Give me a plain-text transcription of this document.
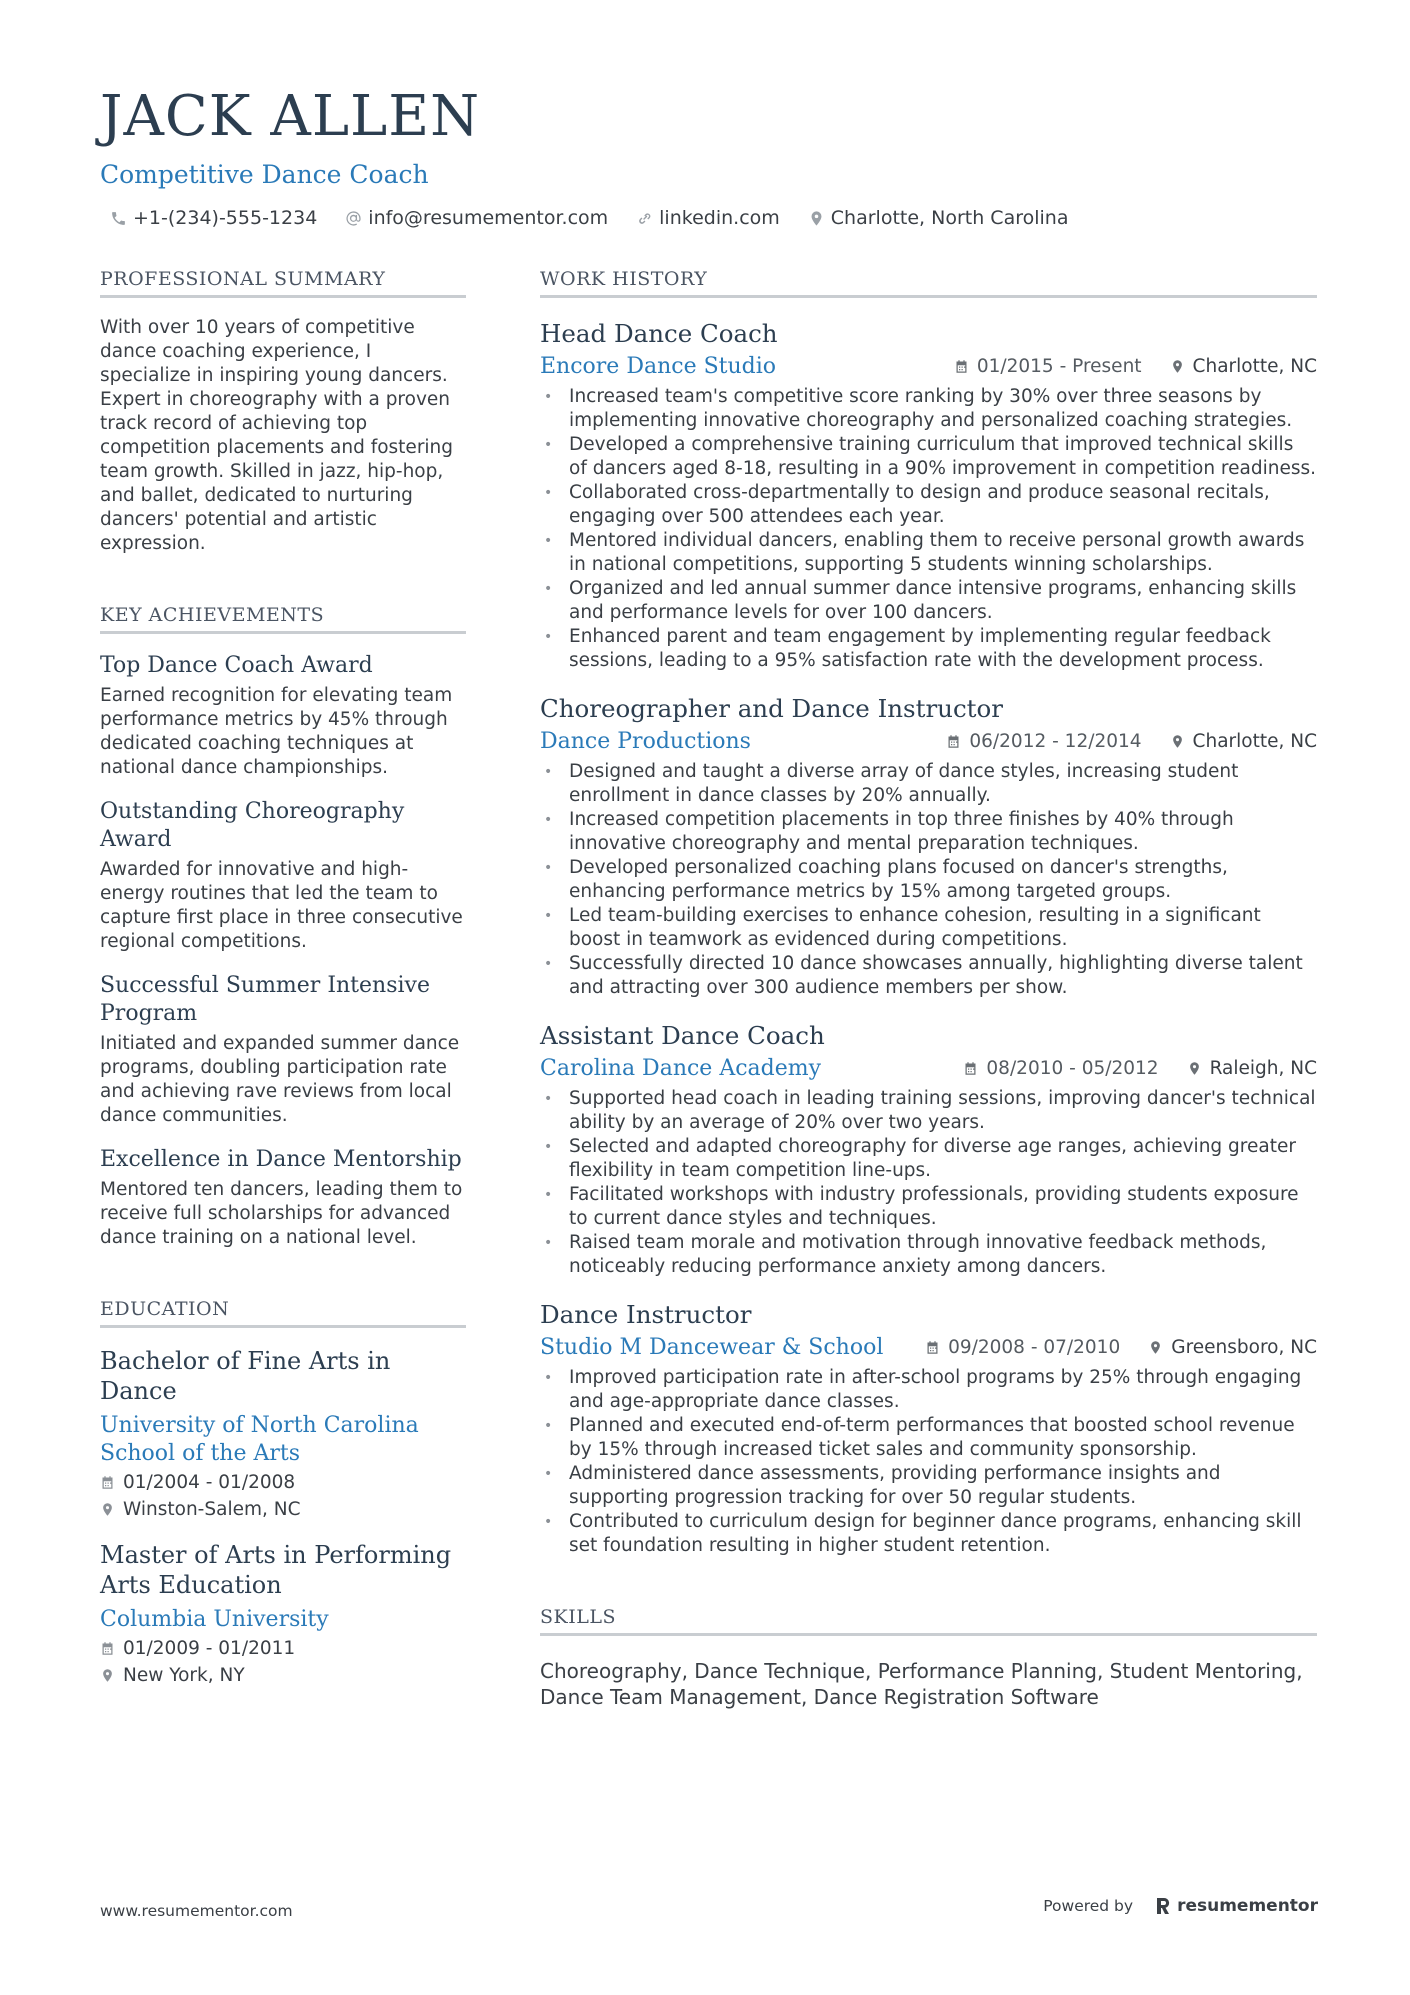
JACK ALLEN
Competitive Dance Coach
+1-(234)-555-1234	info@resumementor.com	linkedin.com	Charlotte, North Carolina
PROFESSIONAL SUMMARY
With over 10 years of competitive dance coaching experience, I specialize in inspiring young dancers. Expert in choreography with a proven track record of achieving top competition placements and fostering team growth. Skilled in jazz, hip-hop, and ballet, dedicated to nurturing dancers' potential and artistic expression.
KEY ACHIEVEMENTS
Top Dance Coach Award
Earned recognition for elevating team performance metrics by 45% through dedicated coaching techniques at national dance championships.
Outstanding Choreography Award
Awarded for innovative and high-energy routines that led the team to capture first place in three consecutive regional competitions.
Successful Summer Intensive Program
Initiated and expanded summer dance programs, doubling participation rate and achieving rave reviews from local dance communities.
Excellence in Dance Mentorship
Mentored ten dancers, leading them to receive full scholarships for advanced dance training on a national level.
EDUCATION
Bachelor of Fine Arts in Dance
University of North Carolina School of the Arts
01/2004 - 01/2008
Winston-Salem, NC
Master of Arts in Performing Arts Education
Columbia University
01/2009 - 01/2011
New York, NY
WORK HISTORY
Head Dance Coach
Encore Dance Studio	01/2015 - Present	Charlotte, NC
• Increased team's competitive score ranking by 30% over three seasons by implementing innovative choreography and personalized coaching strategies.
• Developed a comprehensive training curriculum that improved technical skills of dancers aged 8-18, resulting in a 90% improvement in competition readiness.
• Collaborated cross-departmentally to design and produce seasonal recitals, engaging over 500 attendees each year.
• Mentored individual dancers, enabling them to receive personal growth awards in national competitions, supporting 5 students winning scholarships.
• Organized and led annual summer dance intensive programs, enhancing skills and performance levels for over 100 dancers.
• Enhanced parent and team engagement by implementing regular feedback sessions, leading to a 95% satisfaction rate with the development process.
Choreographer and Dance Instructor
Dance Productions	06/2012 - 12/2014	Charlotte, NC
• Designed and taught a diverse array of dance styles, increasing student enrollment in dance classes by 20% annually.
• Increased competition placements in top three finishes by 40% through innovative choreography and mental preparation techniques.
• Developed personalized coaching plans focused on dancer's strengths, enhancing performance metrics by 15% among targeted groups.
• Led team-building exercises to enhance cohesion, resulting in a significant boost in teamwork as evidenced during competitions.
• Successfully directed 10 dance showcases annually, highlighting diverse talent and attracting over 300 audience members per show.
Assistant Dance Coach
Carolina Dance Academy	08/2010 - 05/2012	Raleigh, NC
• Supported head coach in leading training sessions, improving dancer's technical ability by an average of 20% over two years.
• Selected and adapted choreography for diverse age ranges, achieving greater flexibility in team competition line-ups.
• Facilitated workshops with industry professionals, providing students exposure to current dance styles and techniques.
• Raised team morale and motivation through innovative feedback methods, noticeably reducing performance anxiety among dancers.
Dance Instructor
Studio M Dancewear & School	09/2008 - 07/2010	Greensboro, NC
• Improved participation rate in after-school programs by 25% through engaging and age-appropriate dance classes.
• Planned and executed end-of-term performances that boosted school revenue by 15% through increased ticket sales and community sponsorship.
• Administered dance assessments, providing performance insights and supporting progression tracking for over 50 regular students.
• Contributed to curriculum design for beginner dance programs, enhancing skill set foundation resulting in higher student retention.
SKILLS
Choreography, Dance Technique, Performance Planning, Student Mentoring, Dance Team Management, Dance Registration Software
www.resumementor.com	Powered by	resumementor
